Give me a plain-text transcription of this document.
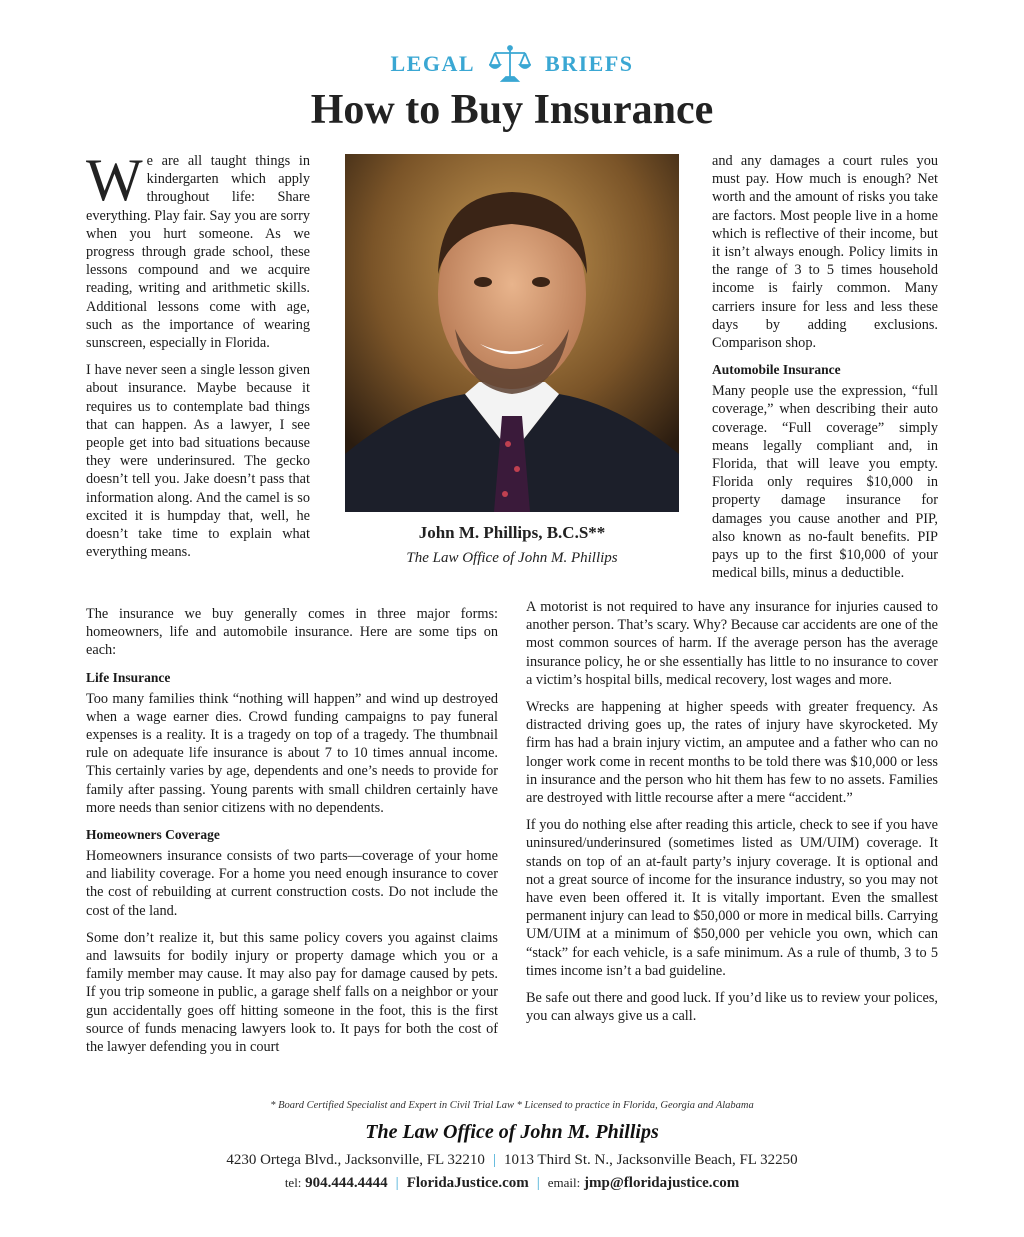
LEGAL	BRIEFS
How to Buy Insurance

We are all taught things in kindergarten which apply throughout life: Share everything. Play fair. Say you are sorry when you hurt someone. As we progress through grade school, these lessons compound and we acquire reading, writing and arithmetic skills. Additional lessons come with age, such as the importance of wearing sunscreen, especially in Florida.

I have never seen a single lesson given about insurance. Maybe because it requires us to contemplate bad things that can happen. As a lawyer, I see people get into bad situations because they were underinsured. The gecko doesn’t tell you. Jake doesn’t pass that information along. And the camel is so excited it is humpday that, well, he doesn’t take time to explain what everything means.

John M. Phillips, B.C.S**
The Law Office of John M. Phillips

and any damages a court rules you must pay. How much is enough? Net worth and the amount of risks you take are factors. Most people live in a home which is reflective of their income, but it isn’t always enough. Policy limits in the range of 3 to 5 times household income is fairly common. Many carriers insure for less and less these days by adding exclusions. Comparison shop.

Automobile Insurance

Many people use the expression, “full coverage,” when describing their auto coverage. “Full coverage” simply means legally compliant and, in Florida, that will leave you empty. Florida only requires $10,000 in property damage insurance for damages you cause another and PIP, also known as no-fault benefits. PIP pays up to the first $10,000 of your medical bills, minus a deductible.

The insurance we buy generally comes in three major forms: homeowners, life and automobile insurance. Here are some tips on each:

Life Insurance

Too many families think “nothing will happen” and wind up destroyed when a wage earner dies. Crowd funding campaigns to pay funeral expenses is a reality. It is a tragedy on top of a tragedy. The thumbnail rule on adequate life insurance is about 7 to 10 times annual income. This certainly varies by age, dependents and one’s needs to provide for family after passing. Young parents with small children certainly have more needs than senior citizens with no dependents.

Homeowners Coverage

Homeowners insurance consists of two parts—coverage of your home and liability coverage. For a home you need enough insurance to cover the cost of rebuilding at current construction costs. Do not include the cost of the land.

Some don’t realize it, but this same policy covers you against claims and lawsuits for bodily injury or property damage which you or a family member may cause. It may also pay for damage caused by pets. If you trip someone in public, a garage shelf falls on a neighbor or your gun accidentally goes off hitting someone in the foot, this is the first source of funds menacing lawyers look to. It pays for both the cost of the lawyer defending you in court

A motorist is not required to have any insurance for injuries caused to another person. That’s scary. Why? Because car accidents are one of the most common sources of harm. If the average person has the average insurance policy, he or she essentially has little to no insurance to cover a victim’s hospital bills, medical recovery, lost wages and more.

Wrecks are happening at higher speeds with greater frequency. As distracted driving goes up, the rates of injury have skyrocketed. My firm has had a brain injury victim, an amputee and a father who can no longer work come in recent months to be told there was $10,000 or less in insurance and the person who hit them has few to no assets. Families are destroyed with little recourse after a mere “accident.”

If you do nothing else after reading this article, check to see if you have uninsured/underinsured (sometimes listed as UM/UIM) coverage. It stands on top of an at-fault party’s injury coverage. It is optional and not a great source of income for the insurance industry, so you may not have even been offered it. It is vitally important. Even the smallest permanent injury can lead to $50,000 or more in medical bills. Carrying UM/UIM at a minimum of $50,000 per vehicle you own, which can “stack” for each vehicle, is a safe minimum. As a rule of thumb, 3 to 5 times income isn’t a bad guideline.

Be safe out there and good luck. If you’d like us to review your polices, you can always give us a call.

* Board Certified Specialist and Expert in Civil Trial Law * Licensed to practice in Florida, Georgia and Alabama
The Law Office of John M. Phillips
4230 Ortega Blvd., Jacksonville, FL 32210 | 1013 Third St. N., Jacksonville Beach, FL 32250
tel: 904.444.4444 | FloridaJustice.com | email: jmp@floridajustice.com
